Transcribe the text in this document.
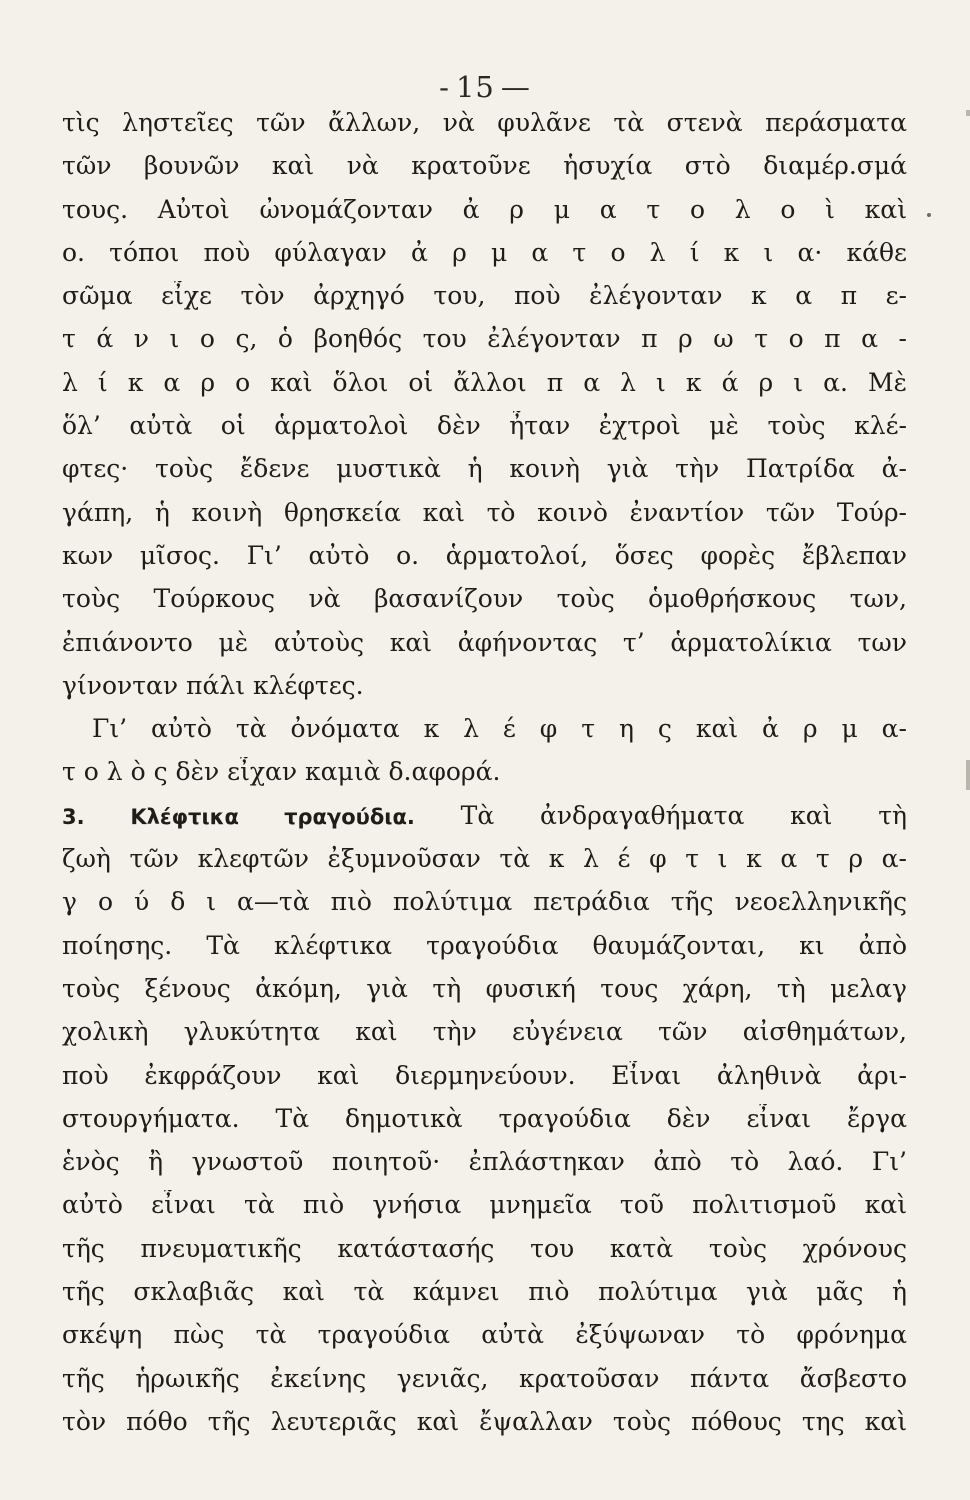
- 15 —
τὶς ληστεῖες τῶν ἄλλων, νὰ φυλᾶνε τὰ στενὰ περάσματα
τῶν βουνῶν καὶ νὰ κρατοῦνε ἡσυχία στὸ διαμέρ.σμά
τους. Αὐτοὶ ὠνομάζονταν ἀ ρ μ α τ ο λ ο ὶ καὶ
ο. τόποι ποὺ φύλαγαν ἀ ρ μ α τ ο λ ί κ ι α· κάθε
σῶμα εἶχε τὸν ἀρχηγό του, ποὺ ἐλέγονταν κ α π ε-
τ ά ν ι ο ς, ὁ βοηθός του ἐλέγονταν π ρ ω τ ο π α -
λ ί κ α ρ ο καὶ ὅλοι οἱ ἄλλοι π α λ ι κ ά ρ ι α. Μὲ
ὅλ’ αὐτὰ οἱ ἁρματολοὶ δὲν ἦταν ἐχτροὶ μὲ τοὺς κλέ-
φτες· τοὺς ἔδενε μυστικὰ ἡ κοινὴ γιὰ τὴν Πατρίδα ἀ-
γάπη, ἡ κοινὴ θρησκεία καὶ τὸ κοινὸ ἐναντίον τῶν Τούρ-
κων μῖσος. Γι’ αὐτὸ ο. ἁρματολοί, ὅσες φορὲς ἔβλεπαν
τοὺς Τούρκους νὰ βασανίζουν τοὺς ὁμοθρήσκους των,
ἐπιάνοντο μὲ αὐτοὺς καὶ ἀφήνοντας τ’ ἁρματολίκια των
γίνονταν πάλι κλέφτες.
Γι’ αὐτὸ τὰ ὀνόματα κ λ έ φ τ η ς καὶ ἀ ρ μ α-
τ ο λ ὸ ς δὲν εἶχαν καμιὰ δ.αφορά.
3. Κλέφτικα τραγούδια. Τὰ ἀνδραγαθήματα καὶ τὴ
ζωὴ τῶν κλεφτῶν ἐξυμνοῦσαν τὰ κ λ έ φ τ ι κ α τ ρ α-
γ ο ύ δ ι α—τὰ πιὸ πολύτιμα πετράδια τῆς νεοελληνικῆς
ποίησης. Τὰ κλέφτικα τραγούδια θαυμάζονται, κι ἀπὸ
τοὺς ξένους ἀκόμη, γιὰ τὴ φυσική τους χάρη, τὴ μελαγ
χολικὴ γλυκύτητα καὶ τὴν εὐγένεια τῶν αἰσθημάτων,
ποὺ ἐκφράζουν καὶ διερμηνεύουν. Εἶναι ἀληθινὰ ἀρι-
στουργήματα. Τὰ δημοτικὰ τραγούδια δὲν εἶναι ἔργα
ἑνὸς ἢ γνωστοῦ ποιητοῦ· ἐπλάστηκαν ἀπὸ τὸ λαό. Γι’
αὐτὸ εἶναι τὰ πιὸ γνήσια μνημεῖα τοῦ πολιτισμοῦ καὶ
τῆς πνευματικῆς κατάστασής του κατὰ τοὺς χρόνους
τῆς σκλαβιᾶς καὶ τὰ κάμνει πιὸ πολύτιμα γιὰ μᾶς ἡ
σκέψη πὼς τὰ τραγούδια αὐτὰ ἐξύψωναν τὸ φρόνημα
τῆς ἡρωικῆς ἐκείνης γενιᾶς, κρατοῦσαν πάντα ἄσβεστο
τὸν πόθο τῆς λευτεριᾶς καὶ ἔψαλλαν τοὺς πόθους της καὶ
